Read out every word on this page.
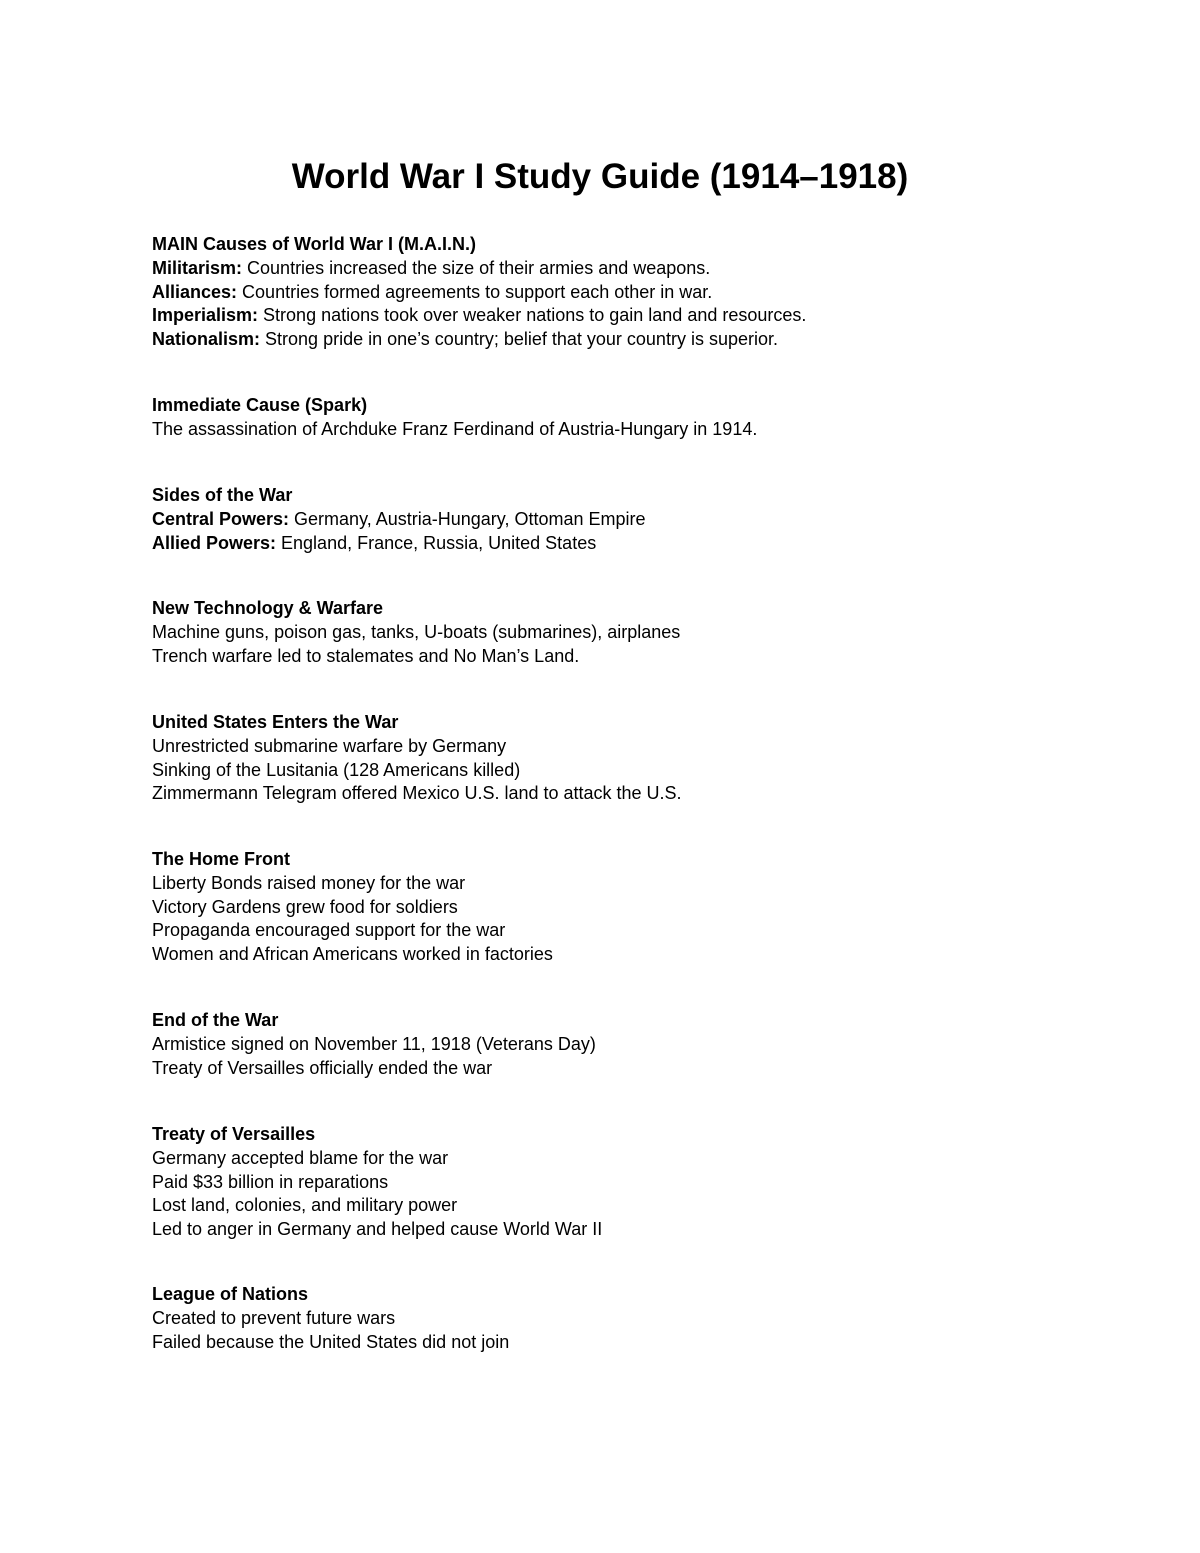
World War I Study Guide (1914–1918)
MAIN Causes of World War I (M.A.I.N.)
Militarism: Countries increased the size of their armies and weapons.
Alliances: Countries formed agreements to support each other in war.
Imperialism: Strong nations took over weaker nations to gain land and resources.
Nationalism: Strong pride in one’s country; belief that your country is superior.
Immediate Cause (Spark)
The assassination of Archduke Franz Ferdinand of Austria-Hungary in 1914.
Sides of the War
Central Powers: Germany, Austria-Hungary, Ottoman Empire
Allied Powers: England, France, Russia, United States
New Technology & Warfare
Machine guns, poison gas, tanks, U-boats (submarines), airplanes
Trench warfare led to stalemates and No Man’s Land.
United States Enters the War
Unrestricted submarine warfare by Germany
Sinking of the Lusitania (128 Americans killed)
Zimmermann Telegram offered Mexico U.S. land to attack the U.S.
The Home Front
Liberty Bonds raised money for the war
Victory Gardens grew food for soldiers
Propaganda encouraged support for the war
Women and African Americans worked in factories
End of the War
Armistice signed on November 11, 1918 (Veterans Day)
Treaty of Versailles officially ended the war
Treaty of Versailles
Germany accepted blame for the war
Paid $33 billion in reparations
Lost land, colonies, and military power
Led to anger in Germany and helped cause World War II
League of Nations
Created to prevent future wars
Failed because the United States did not join
